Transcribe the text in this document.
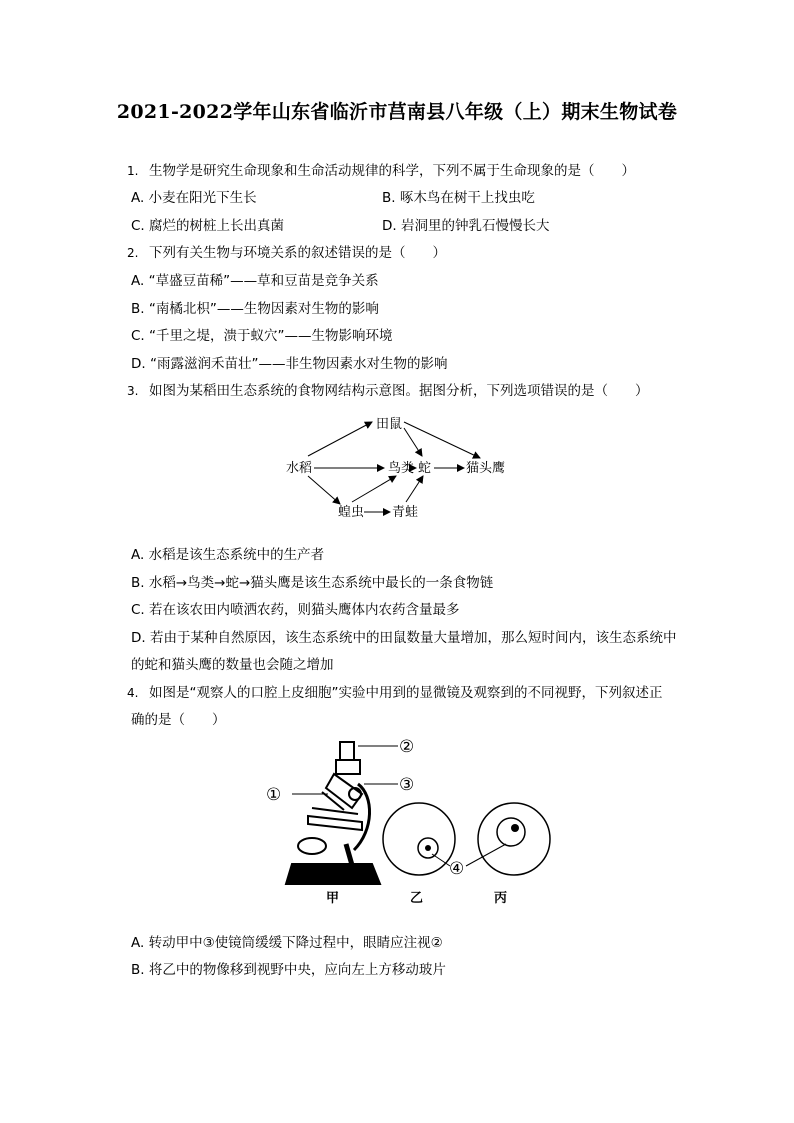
2021-2022学年山东省临沂市莒南县八年级（上）期末生物试卷
1. 生物学是研究生命现象和生命活动规律的科学，下列不属于生命现象的是（　　）
A. 小麦在阳光下生长	B. 啄木鸟在树干上找虫吃
C. 腐烂的树桩上长出真菌	D. 岩洞里的钟乳石慢慢长大
2. 下列有关生物与环境关系的叙述错误的是（　　）
A. “草盛豆苗稀”——草和豆苗是竞争关系
B. “南橘北枳”——生物因素对生物的影响
C. “千里之堤，溃于蚁穴”——生物影响环境
D. “雨露滋润禾苗壮”——非生物因素水对生物的影响
3. 如图为某稻田生态系统的食物网结构示意图。据图分析，下列选项错误的是（　　）
水稻
田鼠
鸟类 蛇	猫头鹰
蝗虫 青蛙
A. 水稻是该生态系统中的生产者
B. 水稻→鸟类→蛇→猫头鹰是该生态系统中最长的一条食物链
C. 若在该农田内喷洒农药，则猫头鹰体内农药含量最多
D. 若由于某种自然原因，该生态系统中的田鼠数量大量增加，那么短时间内，该生态系统中
的蛇和猫头鹰的数量也会随之增加
4. 如图是“观察人的口腔上皮细胞”实验中用到的显微镜及观察到的不同视野，下列叙述正
确的是（　　）
①
②
③
④
甲	乙	丙
A. 转动甲中③使镜筒缓缓下降过程中，眼睛应注视②
B. 将乙中的物像移到视野中央，应向左上方移动玻片
